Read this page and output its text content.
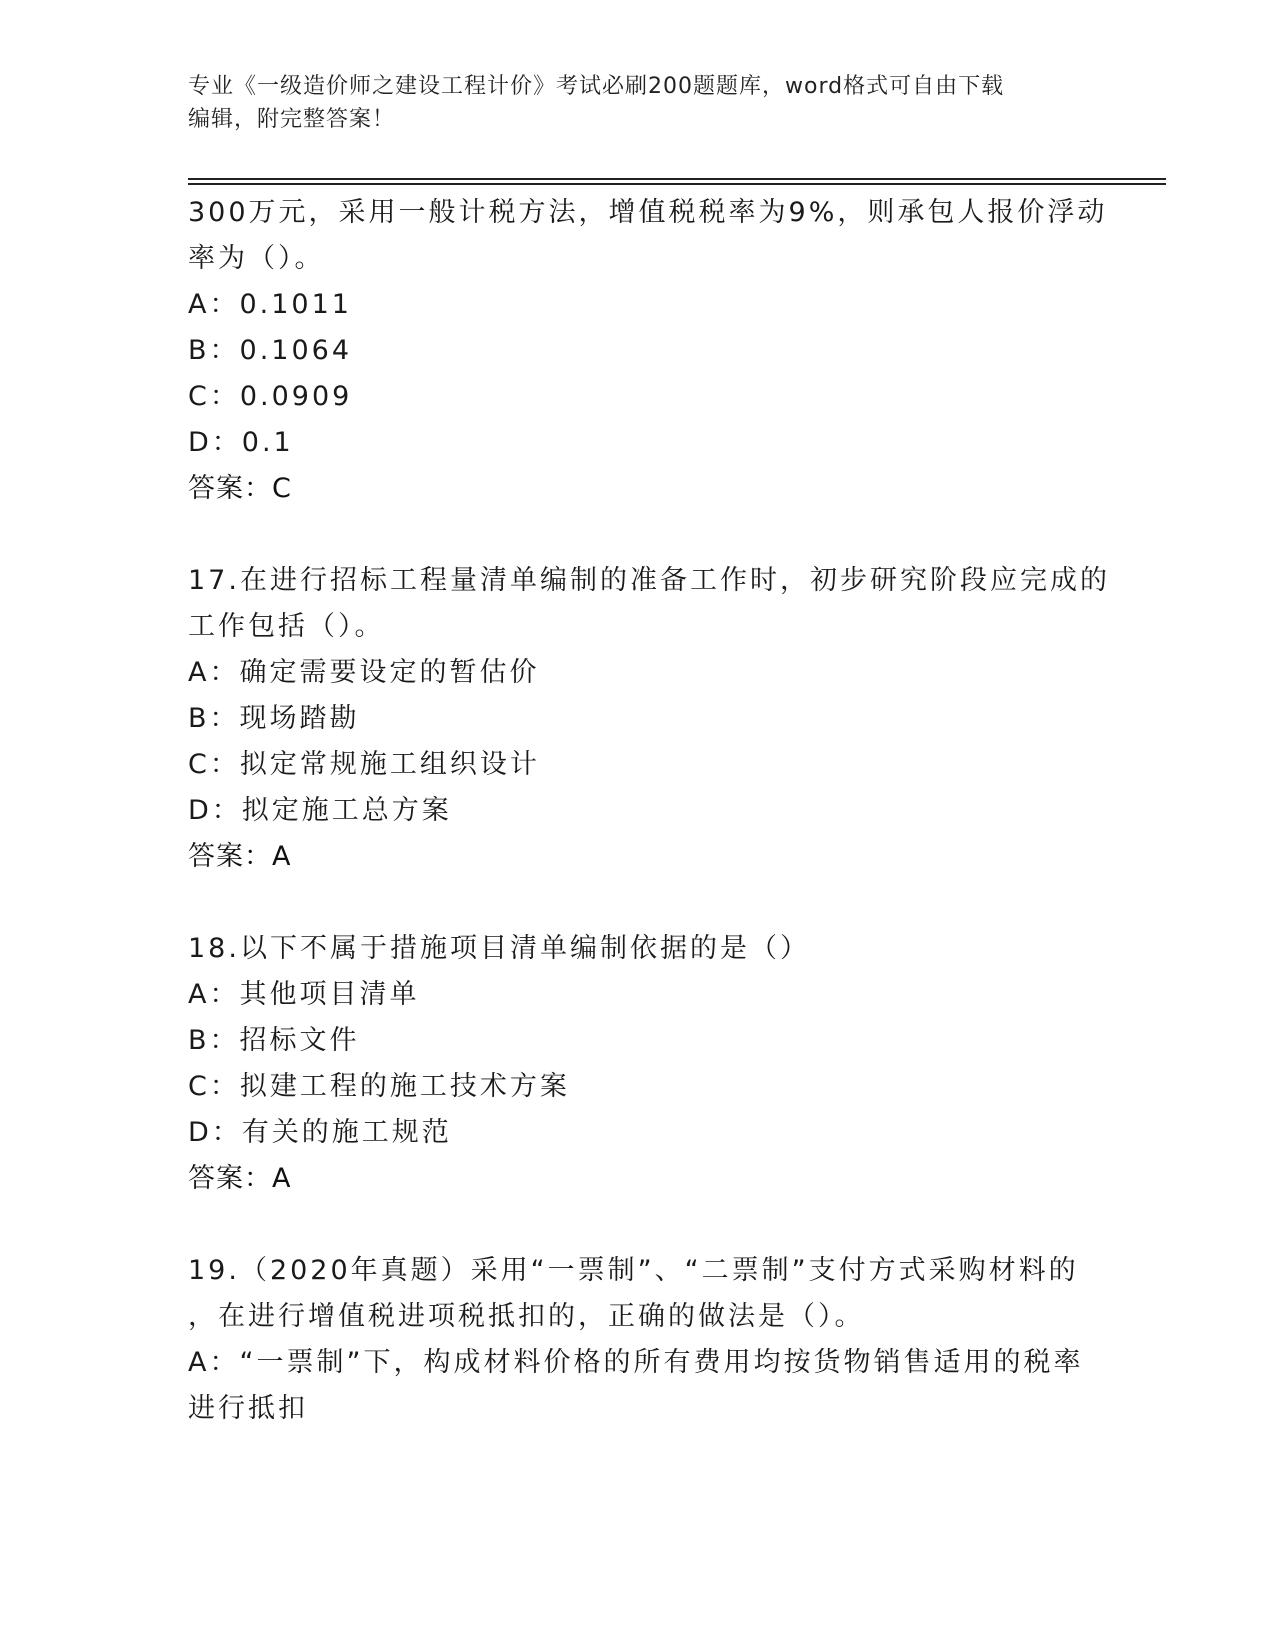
专业《一级造价师之建设工程计价》考试必刷200题题库，word格式可自由下载
编辑，附完整答案！
300万元，采用一般计税方法，增值税税率为9%，则承包人报价浮动
率为（）。
A：0.1011
B：0.1064
C：0.0909
D：0.1
答案：C
17.在进行招标工程量清单编制的准备工作时，初步研究阶段应完成的
工作包括（）。
A：确定需要设定的暂估价
B：现场踏勘
C：拟定常规施工组织设计
D：拟定施工总方案
答案：A
18.以下不属于措施项目清单编制依据的是（）
A：其他项目清单
B：招标文件
C：拟建工程的施工技术方案
D：有关的施工规范
答案：A
19.（2020年真题）采用“一票制”、“二票制”支付方式采购材料的
，在进行增值税进项税抵扣的，正确的做法是（）。
A：“一票制”下，构成材料价格的所有费用均按货物销售适用的税率
进行抵扣
